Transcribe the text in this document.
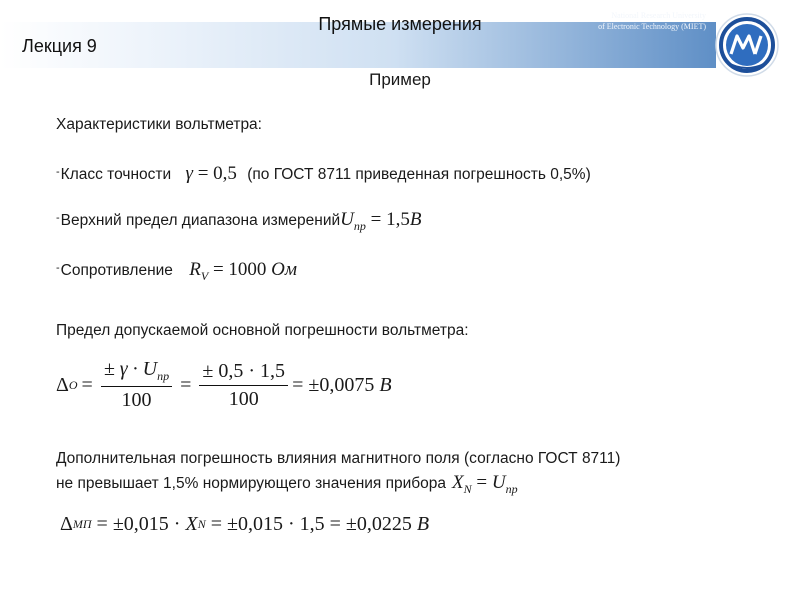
Лекция 9
Прямые измерения	National Research University
of Electronic Technology (MIET)
Пример
Характеристики вольтметра:
-Класс точности γ = 0,5 (по ГОСТ 8711 приведенная погрешность 0,5%)
-Верхний предел диапазона измеренийU$_{пр}$ = 1,5B
-Сопротивление $R_V = 1000$ Ом
Предел допускаемой основной погрешности вольтметра:
Δ $O = \frac{\pm \gamma \cdot U_{пр}}{100} = \frac{\pm 0,5 \cdot 1,5}{100} = \pm 0,0075$
B
Дополнительная погрешность влияния магнитного поля (согласно ГОСТ 8711)
не превышает 1,5% нормирующего значения прибора $X_N = U_{пр}$
Δ МП = ±0,015 · X N = ±0,015 · 1,5 = ±0,0225 B
